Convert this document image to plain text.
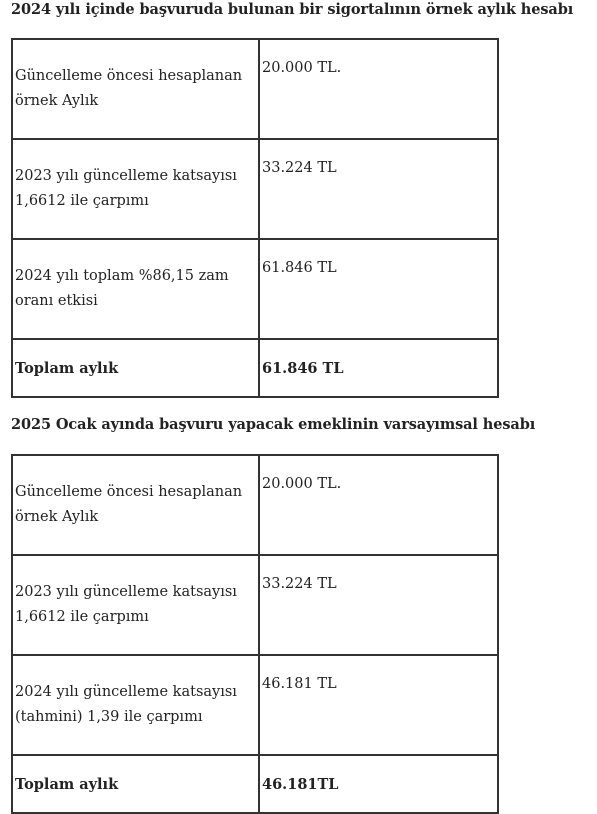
2024 yılı içinde başvuruda bulunan bir sigortalının örnek aylık hesabı
Güncelleme öncesi hesaplanan örnek Aylık	20.000 TL.
2023 yılı güncelleme katsayısı 1,6612 ile çarpımı	33.224 TL
2024 yılı toplam %86,15 zam oranı etkisi	61.846 TL
Toplam aylık	61.846 TL
2025 Ocak ayında başvuru yapacak emeklinin varsayımsal hesabı
Güncelleme öncesi hesaplanan örnek Aylık	20.000 TL.
2023 yılı güncelleme katsayısı 1,6612 ile çarpımı	33.224 TL
2024 yılı güncelleme katsayısı (tahmini) 1,39 ile çarpımı	46.181 TL
Toplam aylık	46.181TL
